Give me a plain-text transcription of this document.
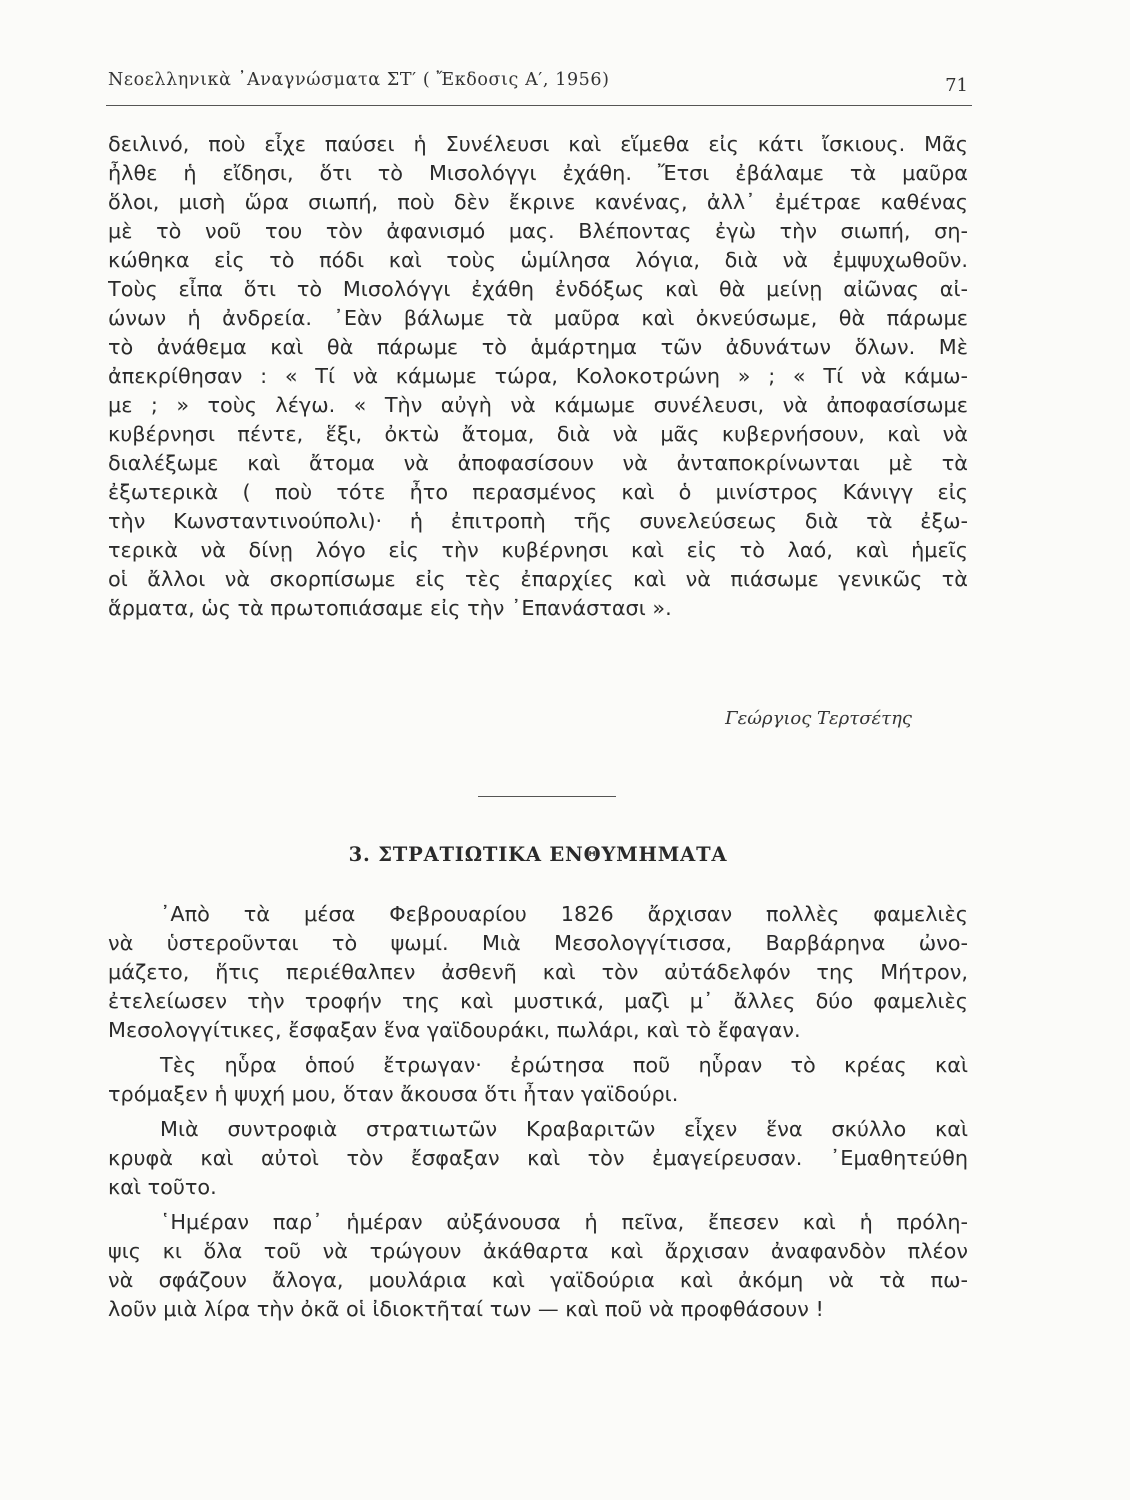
Νεοελληνικὰ ᾿Αναγνώσματα ΣΤ′ ( Ἔκδοσις Α′, 1956)	71
δειλινό, ποὺ εἶχε παύσει ἡ Συνέλευσι καὶ εἵμεθα εἰς κάτι ἴσκιους. Μᾶς
ἦλθε ἡ εἴδησι, ὅτι τὸ Μισολόγγι ἐχάθη. Ἔτσι ἐβάλαμε τὰ μαῦρα
ὅλοι, μισὴ ὥρα σιωπή, ποὺ δὲν ἔκρινε κανένας, ἀλλ᾿ ἐμέτραε καθένας
μὲ τὸ νοῦ του τὸν ἀφανισμό μας. Βλέποντας ἐγὼ τὴν σιωπή, ση-
κώθηκα εἰς τὸ πόδι καὶ τοὺς ὡμίλησα λόγια, διὰ νὰ ἐμψυχωθοῦν.
Τοὺς εἶπα ὅτι τὸ Μισολόγγι ἐχάθη ἐνδόξως καὶ θὰ μείνῃ αἰῶνας αἰ-
ώνων ἡ ἀνδρεία. ᾿Εὰν βάλωμε τὰ μαῦρα καὶ ὀκνεύσωμε, θὰ πάρωμε
τὸ ἀνάθεμα καὶ θὰ πάρωμε τὸ ἁμάρτημα τῶν ἀδυνάτων ὅλων. Μὲ
ἀπεκρίθησαν : « Τί νὰ κάμωμε τώρα, Κολοκοτρώνη » ; « Τί νὰ κάμω-
με ; » τοὺς λέγω. « Τὴν αὐγὴ νὰ κάμωμε συνέλευσι, νὰ ἀποφασίσωμε
κυβέρνησι πέντε, ἕξι, ὀκτὼ ἄτομα, διὰ νὰ μᾶς κυβερνήσουν, καὶ νὰ
διαλέξωμε καὶ ἄτομα νὰ ἀποφασίσουν νὰ ἀνταποκρίνωνται μὲ τὰ
ἐξωτερικὰ ( ποὺ τότε ἦτο περασμένος καὶ ὁ μινίστρος Κάνιγγ εἰς
τὴν Κωνσταντινούπολι)· ἡ ἐπιτροπὴ τῆς συνελεύσεως διὰ τὰ ἐξω-
τερικὰ νὰ δίνῃ λόγο εἰς τὴν κυβέρνησι καὶ εἰς τὸ λαό, καὶ ἡμεῖς
οἱ ἄλλοι νὰ σκορπίσωμε εἰς τὲς ἐπαρχίες καὶ νὰ πιάσωμε γενικῶς τὰ
ἅρματα, ὡς τὰ πρωτοπιάσαμε εἰς τὴν ᾿Επανάστασι ».
Γεώργιος Τερτσέτης
3. ΣΤΡΑΤΙΩΤΙΚΑ ΕΝΘΥΜΗΜΑΤΑ
᾿Απὸ τὰ μέσα Φεβρουαρίου 1826 ἄρχισαν πολλὲς φαμελιὲς
νὰ ὑστεροῦνται τὸ ψωμί. Μιὰ Μεσολογγίτισσα, Βαρβάρηνα ὠνο-
μάζετο, ἥτις περιέθαλπεν ἀσθενῆ καὶ τὸν αὐτάδελφόν της Μήτρον,
ἐτελείωσεν τὴν τροφήν της καὶ μυστικά, μαζὶ μ᾿ ἄλλες δύο φαμελιὲς
Μεσολογγίτικες, ἔσφαξαν ἕνα γαϊδουράκι, πωλάρι, καὶ τὸ ἔφαγαν.
Τὲς ηὗρα ὁπού ἔτρωγαν· ἐρώτησα ποῦ ηὗραν τὸ κρέας καὶ
τρόμαξεν ἡ ψυχή μου, ὅταν ἄκουσα ὅτι ἦταν γαϊδούρι.
Μιὰ συντροφιὰ στρατιωτῶν Κραβαριτῶν εἶχεν ἕνα σκύλλο καὶ
κρυφὰ καὶ αὐτοὶ τὸν ἔσφαξαν καὶ τὸν ἐμαγείρευσαν. ᾿Εμαθητεύθη
καὶ τοῦτο.
῾Ημέραν παρ᾿ ἡμέραν αὐξάνουσα ἡ πεῖνα, ἔπεσεν καὶ ἡ πρόλη-
ψις κι ὅλα τοῦ νὰ τρώγουν ἀκάθαρτα καὶ ἄρχισαν ἀναφανδὸν πλέον
νὰ σφάζουν ἄλογα, μουλάρια καὶ γαϊδούρια καὶ ἀκόμη νὰ τὰ πω-
λοῦν μιὰ λίρα τὴν ὀκᾶ οἱ ἰδιοκτῆταί των — καὶ ποῦ νὰ προφθάσουν !
